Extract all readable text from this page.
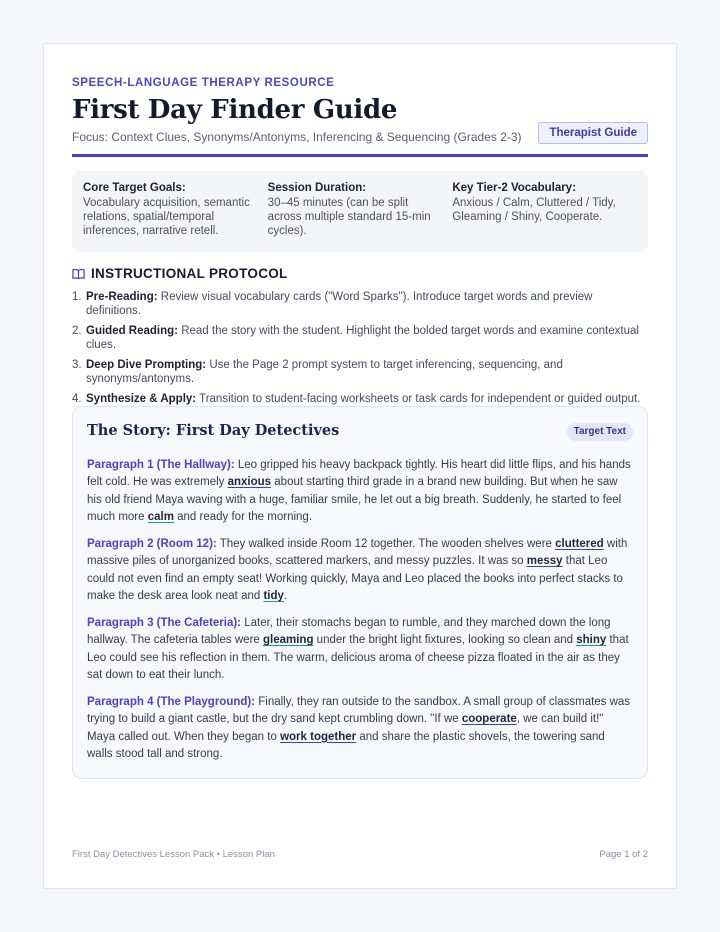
SPEECH-LANGUAGE THERAPY RESOURCE
First Day Finder Guide
Focus: Context Clues, Synonyms/Antonyms, Inferencing & Sequencing (Grades 2-3)	Therapist Guide
Core Target Goals:
Vocabulary acquisition, semantic relations, spatial/temporal inferences, narrative retell.
Session Duration:
30–45 minutes (can be split across multiple standard 15-min cycles).
Key Tier-2 Vocabulary:
Anxious / Calm, Cluttered / Tidy, Gleaming / Shiny, Cooperate.
INSTRUCTIONAL PROTOCOL
1. Pre-Reading: Review visual vocabulary cards ("Word Sparks"). Introduce target words and preview definitions.
2. Guided Reading: Read the story with the student. Highlight the bolded target words and examine contextual clues.
3. Deep Dive Prompting: Use the Page 2 prompt system to target inferencing, sequencing, and synonyms/antonyms.
4. Synthesize & Apply: Transition to student-facing worksheets or task cards for independent or guided output.
The Story: First Day Detectives	Target Text

Paragraph 1 (The Hallway): Leo gripped his heavy backpack tightly. His heart did little flips, and his hands felt cold. He was extremely anxious about starting third grade in a brand new building. But when he saw his old friend Maya waving with a huge, familiar smile, he let out a big breath. Suddenly, he started to feel much more calm and ready for the morning.

Paragraph 2 (Room 12): They walked inside Room 12 together. The wooden shelves were cluttered with massive piles of unorganized books, scattered markers, and messy puzzles. It was so messy that Leo could not even find an empty seat! Working quickly, Maya and Leo placed the books into perfect stacks to make the desk area look neat and tidy.

Paragraph 3 (The Cafeteria): Later, their stomachs began to rumble, and they marched down the long hallway. The cafeteria tables were gleaming under the bright light fixtures, looking so clean and shiny that Leo could see his reflection in them. The warm, delicious aroma of cheese pizza floated in the air as they sat down to eat their lunch.

Paragraph 4 (The Playground): Finally, they ran outside to the sandbox. A small group of classmates was trying to build a giant castle, but the dry sand kept crumbling down. "If we cooperate, we can build it!" Maya called out. When they began to work together and share the plastic shovels, the towering sand walls stood tall and strong.

First Day Detectives Lesson Pack • Lesson Plan	Page 1 of 2
